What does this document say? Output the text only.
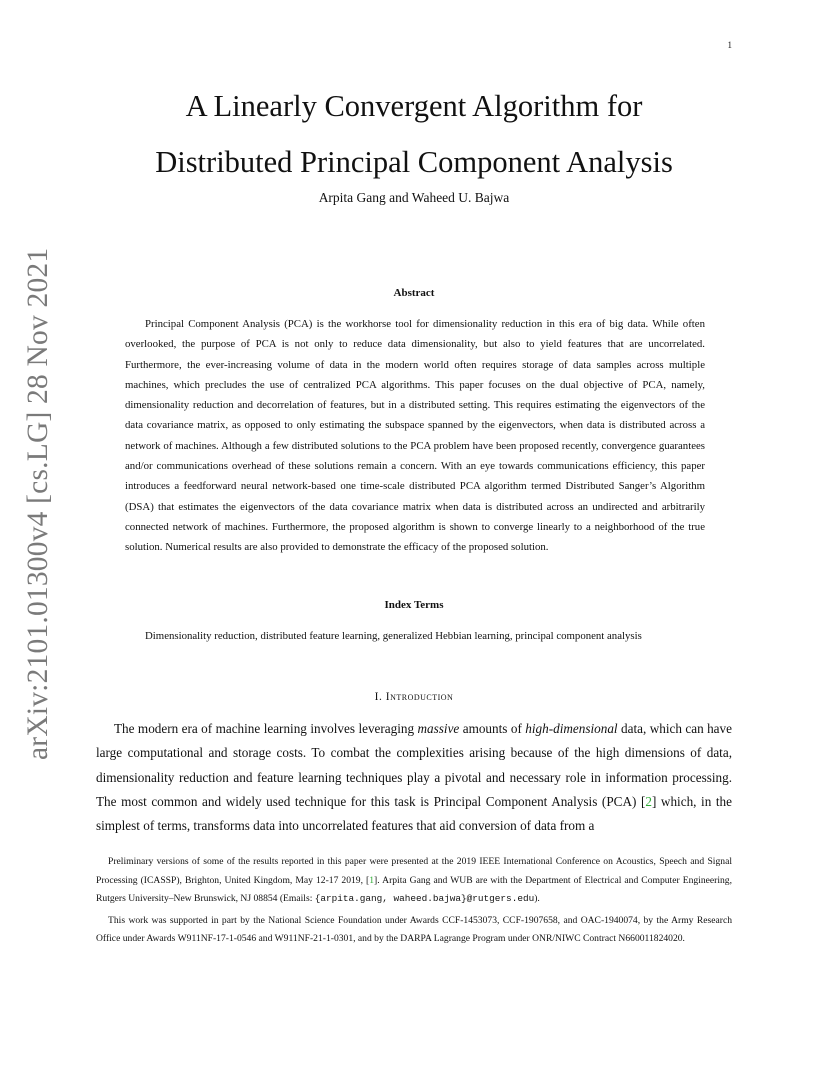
1
arXiv:2101.01300v4 [cs.LG] 28 Nov 2021
A Linearly Convergent Algorithm for
Distributed Principal Component Analysis
Arpita Gang and Waheed U. Bajwa
Abstract

Principal Component Analysis (PCA) is the workhorse tool for dimensionality reduction in this era of big data. While often overlooked, the purpose of PCA is not only to reduce data dimensionality, but also to yield features that are uncorrelated. Furthermore, the ever-increasing volume of data in the modern world often requires storage of data samples across multiple machines, which precludes the use of centralized PCA algorithms. This paper focuses on the dual objective of PCA, namely, dimensionality reduction and decorrelation of features, but in a distributed setting. This requires estimating the eigenvectors of the data covariance matrix, as opposed to only estimating the subspace spanned by the eigenvectors, when data is distributed across a network of machines. Although a few distributed solutions to the PCA problem have been proposed recently, convergence guarantees and/or communications overhead of these solutions remain a concern. With an eye towards communications efficiency, this paper introduces a feedforward neural network-based one time-scale distributed PCA algorithm termed Distributed Sanger’s Algorithm (DSA) that estimates the eigenvectors of the data covariance matrix when data is distributed across an undirected and arbitrarily connected network of machines. Furthermore, the proposed algorithm is shown to converge linearly to a neighborhood of the true solution. Numerical results are also provided to demonstrate the efficacy of the proposed solution.

Index Terms

Dimensionality reduction, distributed feature learning, generalized Hebbian learning, principal component analysis

I. Introduction

The modern era of machine learning involves leveraging massive amounts of high-dimensional data, which can have large computational and storage costs. To combat the complexities arising because of the high dimensions of data, dimensionality reduction and feature learning techniques play a pivotal and necessary role in information processing. The most common and widely used technique for this task is Principal Component Analysis (PCA) [2] which, in the simplest of terms, transforms data into uncorrelated features that aid conversion of data from a

Preliminary versions of some of the results reported in this paper were presented at the 2019 IEEE International Conference on Acoustics, Speech and Signal Processing (ICASSP), Brighton, United Kingdom, May 12-17 2019, [1]. Arpita Gang and WUB are with the Department of Electrical and Computer Engineering, Rutgers University–New Brunswick, NJ 08854 (Emails: {arpita.gang, waheed.bajwa}@rutgers.edu).

This work was supported in part by the National Science Foundation under Awards CCF-1453073, CCF-1907658, and OAC-1940074, by the Army Research Office under Awards W911NF-17-1-0546 and W911NF-21-1-0301, and by the DARPA Lagrange Program under ONR/NIWC Contract N660011824020.
